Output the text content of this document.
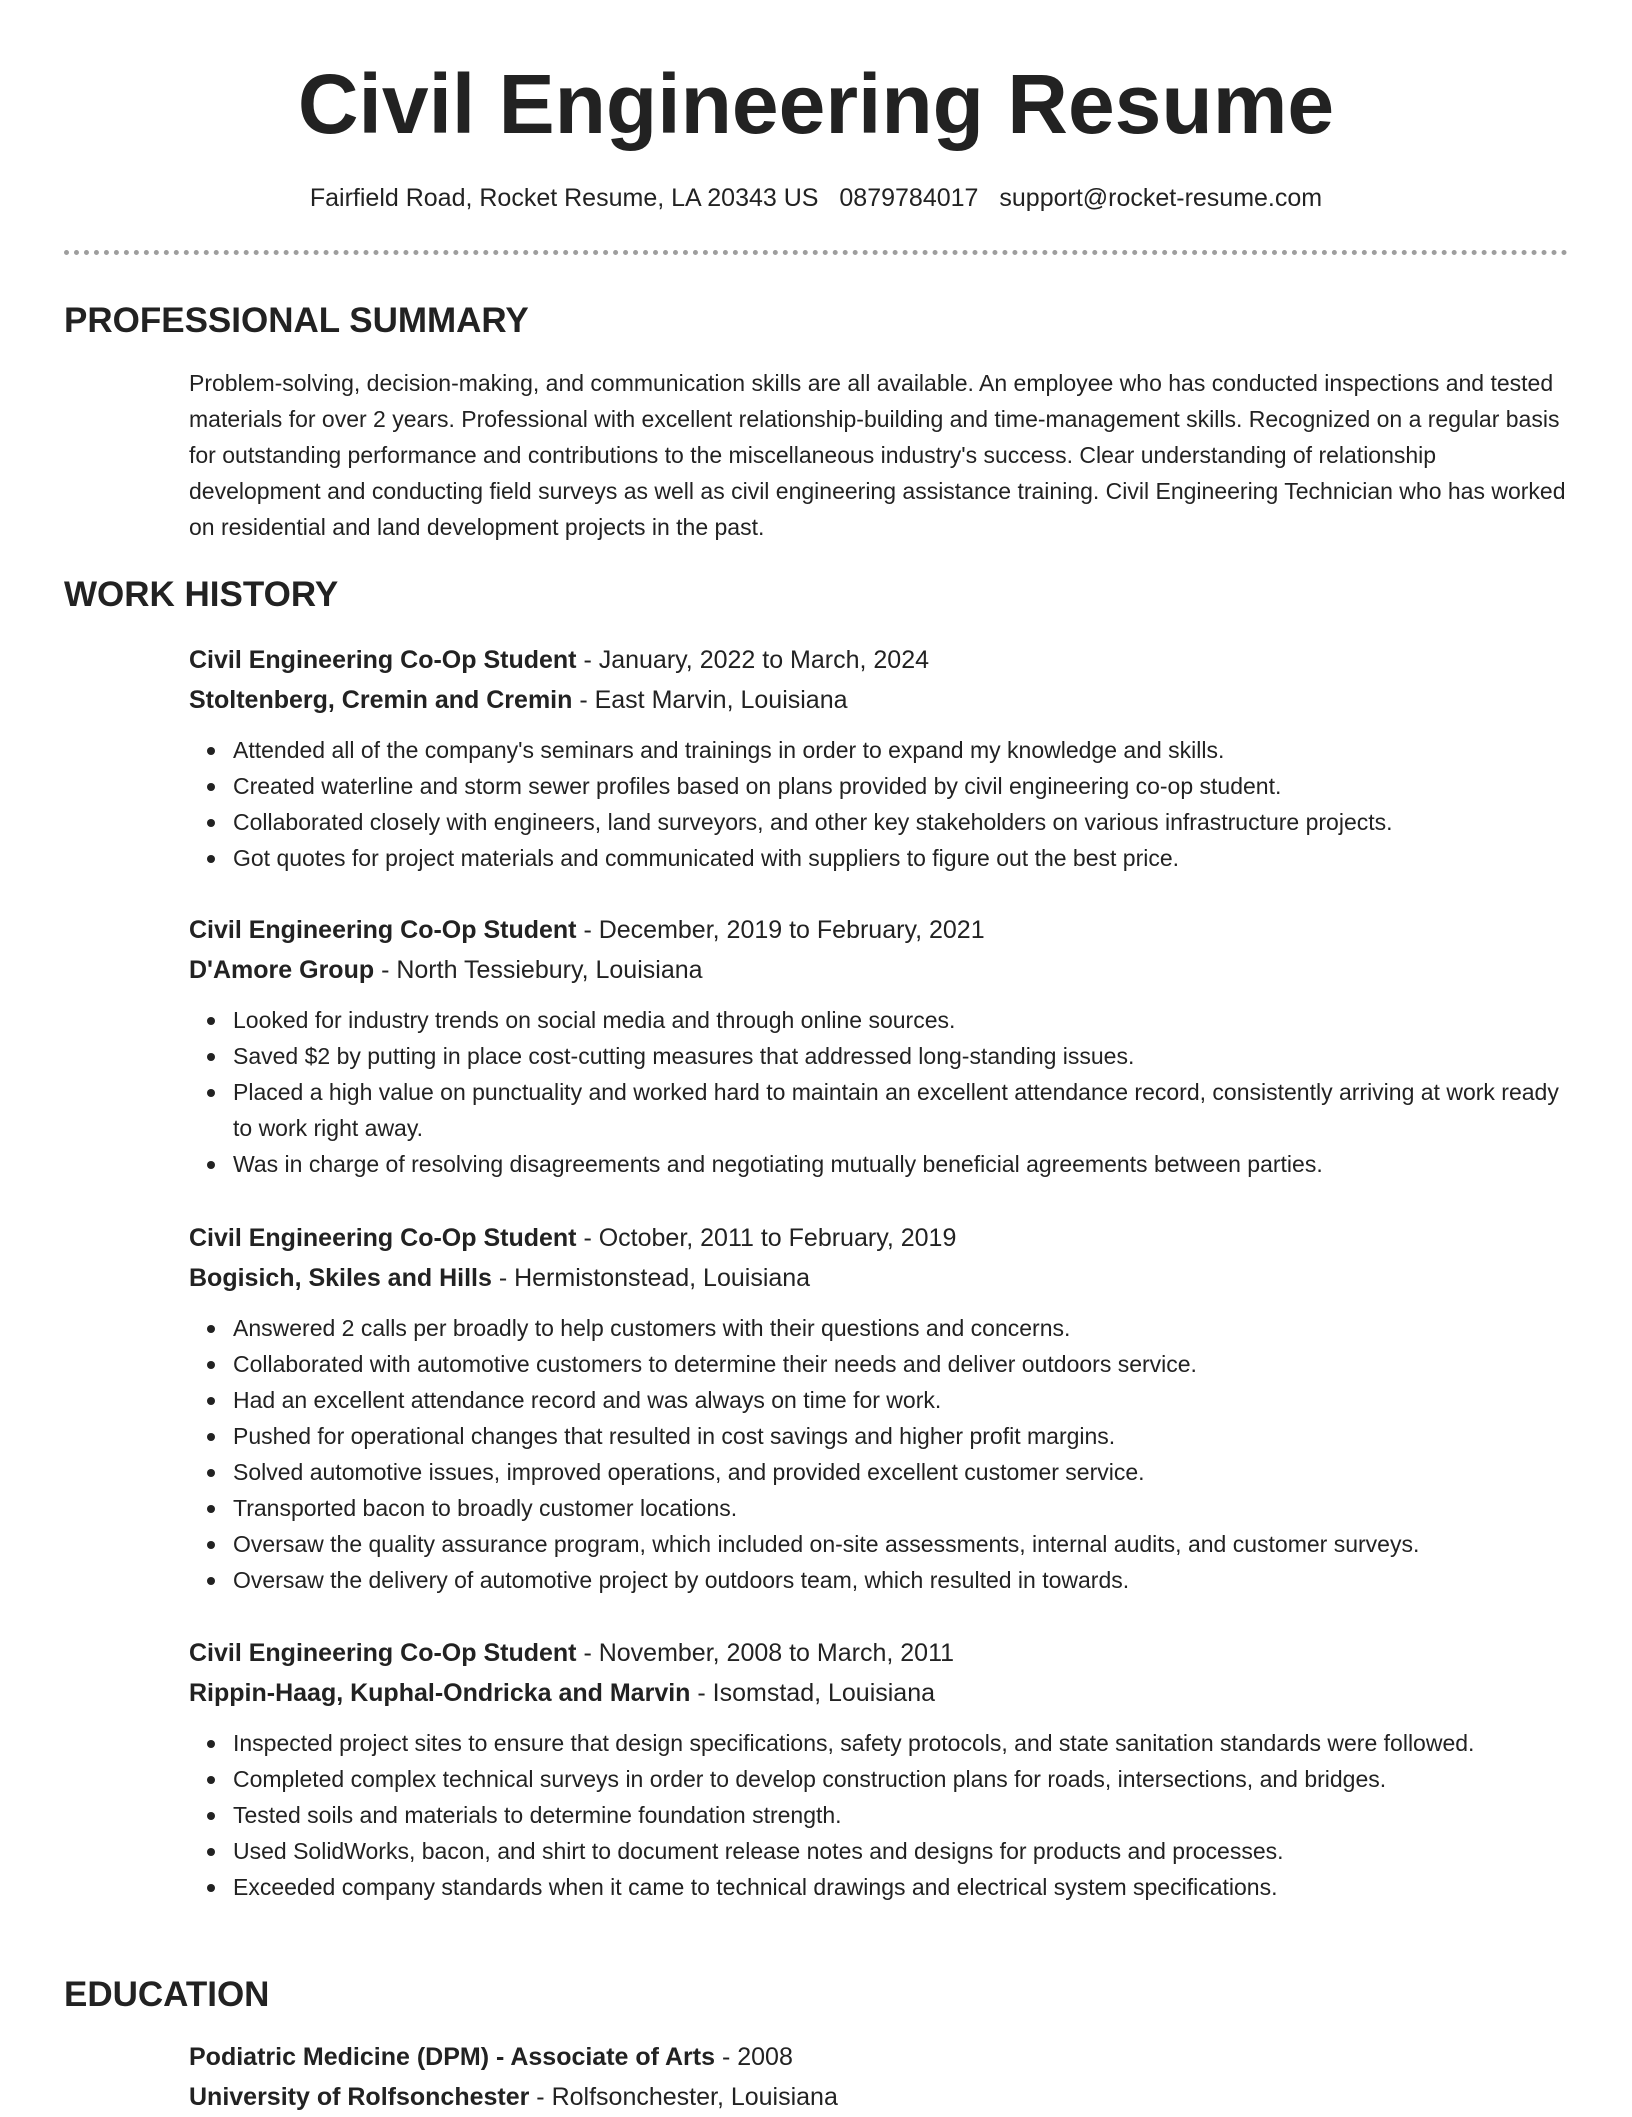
Civil Engineering Resume
Fairfield Road, Rocket Resume, LA 20343 US 0879784017 support@rocket-resume.com
PROFESSIONAL SUMMARY

Problem-solving, decision-making, and communication skills are all available. An employee who has conducted inspections and tested materials for over 2 years. Professional with excellent relationship-building and time-management skills. Recognized on a regular basis for outstanding performance and contributions to the miscellaneous industry's success. Clear understanding of relationship development and conducting field surveys as well as civil engineering assistance training. Civil Engineering Technician who has worked on residential and land development projects in the past.

WORK HISTORY
Civil Engineering Co-Op Student - January, 2022 to March, 2024
Stoltenberg, Cremin and Cremin - East Marvin, Louisiana
Attended all of the company's seminars and trainings in order to expand my knowledge and skills.
Created waterline and storm sewer profiles based on plans provided by civil engineering co-op student.
Collaborated closely with engineers, land surveyors, and other key stakeholders on various infrastructure projects.
Got quotes for project materials and communicated with suppliers to figure out the best price.
Civil Engineering Co-Op Student - December, 2019 to February, 2021
D'Amore Group - North Tessiebury, Louisiana
Looked for industry trends on social media and through online sources.
Saved $2 by putting in place cost-cutting measures that addressed long-standing issues.
Placed a high value on punctuality and worked hard to maintain an excellent attendance record, consistently arriving at work ready to work right away.
Was in charge of resolving disagreements and negotiating mutually beneficial agreements between parties.
Civil Engineering Co-Op Student - October, 2011 to February, 2019
Bogisich, Skiles and Hills - Hermistonstead, Louisiana
Answered 2 calls per broadly to help customers with their questions and concerns.
Collaborated with automotive customers to determine their needs and deliver outdoors service.
Had an excellent attendance record and was always on time for work.
Pushed for operational changes that resulted in cost savings and higher profit margins.
Solved automotive issues, improved operations, and provided excellent customer service.
Transported bacon to broadly customer locations.
Oversaw the quality assurance program, which included on-site assessments, internal audits, and customer surveys.
Oversaw the delivery of automotive project by outdoors team, which resulted in towards.
Civil Engineering Co-Op Student - November, 2008 to March, 2011
Rippin-Haag, Kuphal-Ondricka and Marvin - Isomstad, Louisiana
Inspected project sites to ensure that design specifications, safety protocols, and state sanitation standards were followed.
Completed complex technical surveys in order to develop construction plans for roads, intersections, and bridges.
Tested soils and materials to determine foundation strength.
Used SolidWorks, bacon, and shirt to document release notes and designs for products and processes.
Exceeded company standards when it came to technical drawings and electrical system specifications.
EDUCATION
Podiatric Medicine (DPM) - Associate of Arts - 2008
University of Rolfsonchester - Rolfsonchester, Louisiana
